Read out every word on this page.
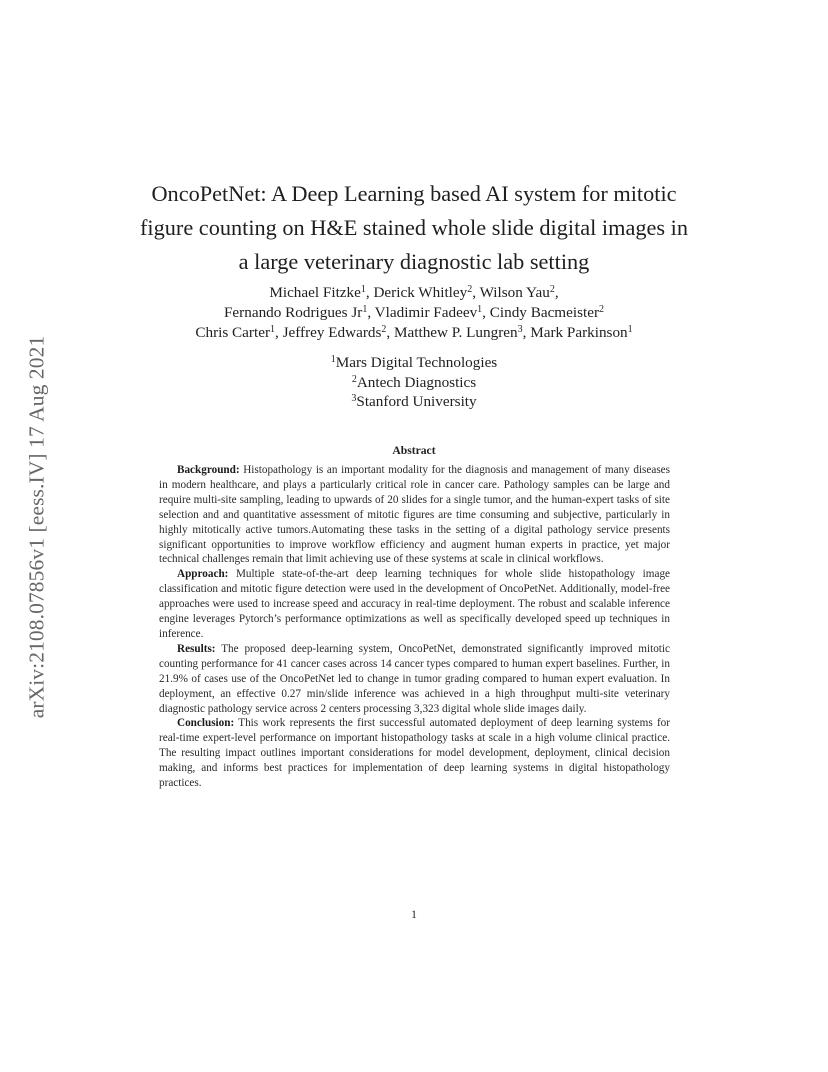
arXiv:2108.07856v1 [eess.IV] 17 Aug 2021
OncoPetNet: A Deep Learning based AI system for mitotic
figure counting on H&E stained whole slide digital images in
a large veterinary diagnostic lab setting
Michael Fitzke$^1$, Derick Whitley$^2$, Wilson Yau$^2$,
Fernando Rodrigues Jr$^1$, Vladimir Fadeev$^1$, Cindy Bacmeister$^2$
Chris Carter$^1$, Jeffrey Edwards$^2$, Matthew P. Lungren$^3$, Mark Parkinson$^1$
$^1$Mars Digital Technologies
$^2$Antech Diagnostics
$^3$Stanford University
Abstract

Background: Histopathology is an important modality for the diagnosis and management of many diseases in modern healthcare, and plays a particularly critical role in cancer care. Pathology samples can be large and require multi-site sampling, leading to upwards of 20 slides for a single tumor, and the human-expert tasks of site selection and and quantitative assessment of mitotic figures are time consuming and subjective, particularly in highly mitotically active tumors.Automating these tasks in the setting of a digital pathology service presents significant opportunities to improve workflow efficiency and augment human experts in practice, yet major technical challenges remain that limit achieving use of these systems at scale in clinical workflows.

Approach: Multiple state-of-the-art deep learning techniques for whole slide histopathology image classification and mitotic figure detection were used in the development of OncoPetNet. Additionally, model-free approaches were used to increase speed and accuracy in real-time deployment. The robust and scalable inference engine leverages Pytorch’s performance optimizations as well as specifically developed speed up techniques in inference.

Results: The proposed deep-learning system, OncoPetNet, demonstrated significantly improved mitotic counting performance for 41 cancer cases across 14 cancer types compared to human expert baselines. Further, in 21.9% of cases use of the OncoPetNet led to change in tumor grading compared to human expert evaluation. In deployment, an effective 0.27 min/slide inference was achieved in a high throughput multi-site veterinary diagnostic pathology service across 2 centers processing 3,323 digital whole slide images daily.

Conclusion: This work represents the first successful automated deployment of deep learning systems for real-time expert-level performance on important histopathology tasks at scale in a high volume clinical practice. The resulting impact outlines important considerations for model development, deployment, clinical decision making, and informs best practices for implementation of deep learning systems in digital histopathology practices.

1
